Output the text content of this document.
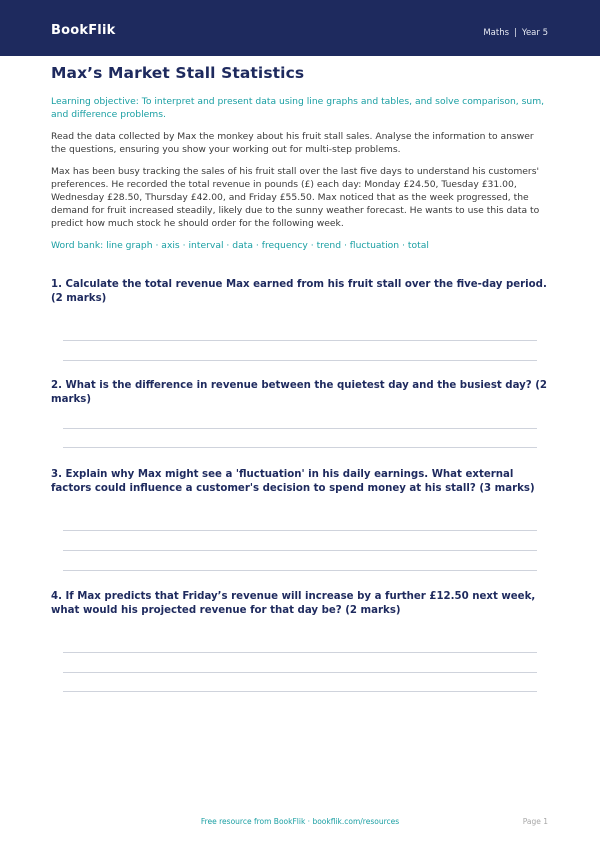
BookFlik	Maths | Year 5
Max’s Market Stall Statistics
Learning objective: To interpret and present data using line graphs and tables, and solve comparison, sum, and difference problems.
Read the data collected by Max the monkey about his fruit stall sales. Analyse the information to answer the questions, ensuring you show your working out for multi-step problems.
Max has been busy tracking the sales of his fruit stall over the last five days to understand his customers' preferences. He recorded the total revenue in pounds (£) each day: Monday £24.50, Tuesday £31.00, Wednesday £28.50, Thursday £42.00, and Friday £55.50. Max noticed that as the week progressed, the demand for fruit increased steadily, likely due to the sunny weather forecast. He wants to use this data to predict how much stock he should order for the following week.
Word bank: line graph · axis · interval · data · frequency · trend · fluctuation · total
1. Calculate the total revenue Max earned from his fruit stall over the five-day period. (2 marks)
2. What is the difference in revenue between the quietest day and the busiest day? (2 marks)
3. Explain why Max might see a 'fluctuation' in his daily earnings. What external factors could influence a customer's decision to spend money at his stall? (3 marks)
4. If Max predicts that Friday’s revenue will increase by a further £12.50 next week, what would his projected revenue for that day be? (2 marks)
Free resource from BookFlik · bookflik.com/resources	Page 1
